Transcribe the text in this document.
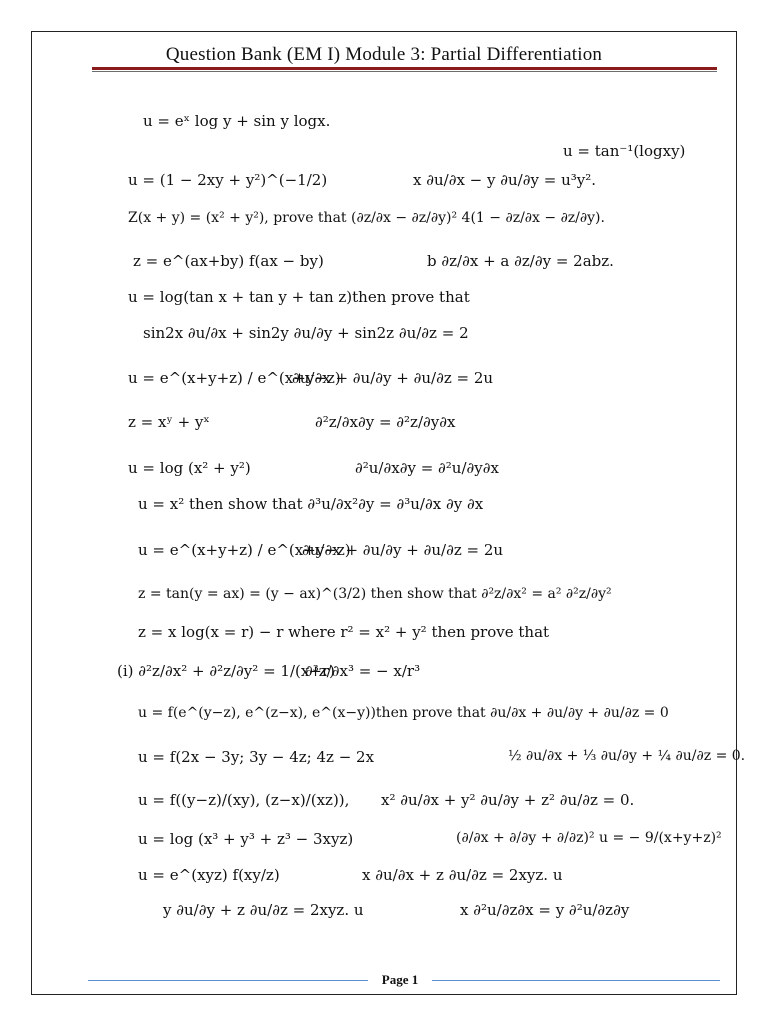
Question Bank (EM I) Module 3: Partial Differentiation
u = eˣ log y + sin y logx.
u = tan⁻¹(logxy)
u = (1 − 2xy + y²)^(−1/2)	x ∂u/∂x − y ∂u/∂y = u³y².
Z(x + y) = (x² + y²), prove that (∂z/∂x − ∂z/∂y)² 4(1 − ∂z/∂x − ∂z/∂y).
z = e^(ax+by) f(ax − by)	b ∂z/∂x + a ∂z/∂y = 2abz.
u = log(tan x + tan y + tan z)then prove that
sin2x ∂u/∂x + sin2y ∂u/∂y + sin2z ∂u/∂z = 2
u = e^(x+y+z) / e^(x+y−z)
∂u/∂x + ∂u/∂y + ∂u/∂z = 2u
z = xʸ + yˣ	∂²z/∂x∂y = ∂²z/∂y∂x
u = log (x² + y²)	∂²u/∂x∂y = ∂²u/∂y∂x
u = x² then show that ∂³u/∂x²∂y = ∂³u/∂x ∂y ∂x
u = e^(x+y+z) / e^(x+y−z)
∂u/∂x + ∂u/∂y + ∂u/∂z = 2u
z = tan(y = ax) = (y − ax)^(3/2) then show that ∂²z/∂x² = a² ∂²z/∂y²
z = x log(x = r) − r where r² = x² + y² then prove that
(i) ∂²z/∂x² + ∂²z/∂y² = 1/(x+r)
∂³z/∂x³ = − x/r³
u = f(e^(y−z), e^(z−x), e^(x−y))then prove that ∂u/∂x + ∂u/∂y + ∂u/∂z = 0
u = f(2x − 3y; 3y − 4z; 4z − 2x	½ ∂u/∂x + ⅓ ∂u/∂y + ¼ ∂u/∂z = 0.
u = f((y−z)/(xy), (z−x)/(xz)), x² ∂u/∂x + y² ∂u/∂y + z² ∂u/∂z = 0.
u = log (x³ + y³ + z³ − 3xyz)	(∂/∂x + ∂/∂y + ∂/∂z)² u = − 9/(x+y+z)²
u = e^(xyz) f(xy/z)	x ∂u/∂x + z ∂u/∂z = 2xyz. u
y ∂u/∂y + z ∂u/∂z = 2xyz. u	x ∂²u/∂z∂x = y ∂²u/∂z∂y
Page 1
